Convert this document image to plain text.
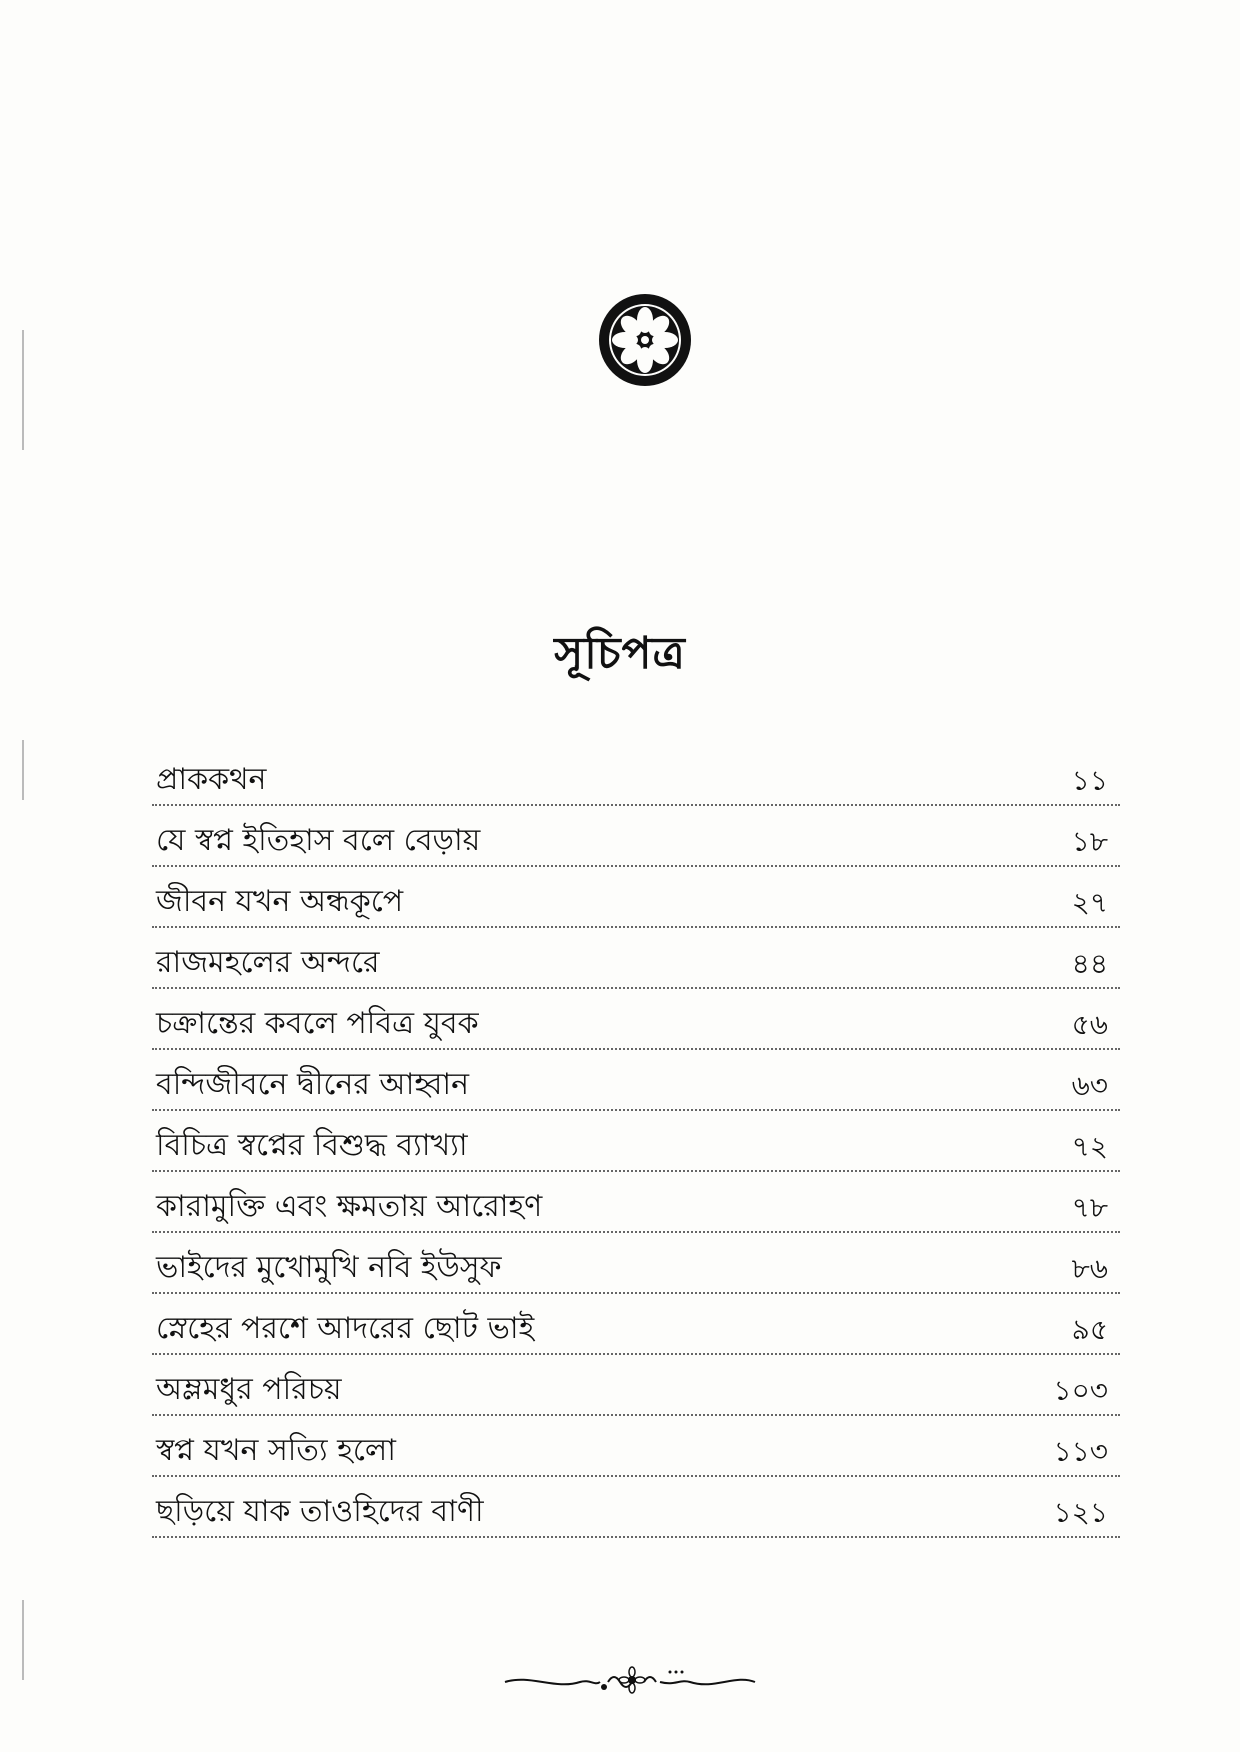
সূচিপত্র
প্রাককথন	১১
যে স্বপ্ন ইতিহাস বলে বেড়ায়	১৮
জীবন যখন অন্ধকূপে	২৭
রাজমহলের অন্দরে	৪৪
চক্রান্তের কবলে পবিত্র যুবক	৫৬
বন্দিজীবনে দ্বীনের আহ্বান	৬৩
বিচিত্র স্বপ্নের বিশুদ্ধ ব্যাখ্যা	৭২
কারামুক্তি এবং ক্ষমতায় আরোহণ	৭৮
ভাইদের মুখোমুখি নবি ইউসুফ	৮৬
স্নেহের পরশে আদরের ছোট ভাই	৯৫
অম্লমধুর পরিচয়	১০৩
স্বপ্ন যখন সত্যি হলো	১১৩
ছড়িয়ে যাক তাওহিদের বাণী	১২১
